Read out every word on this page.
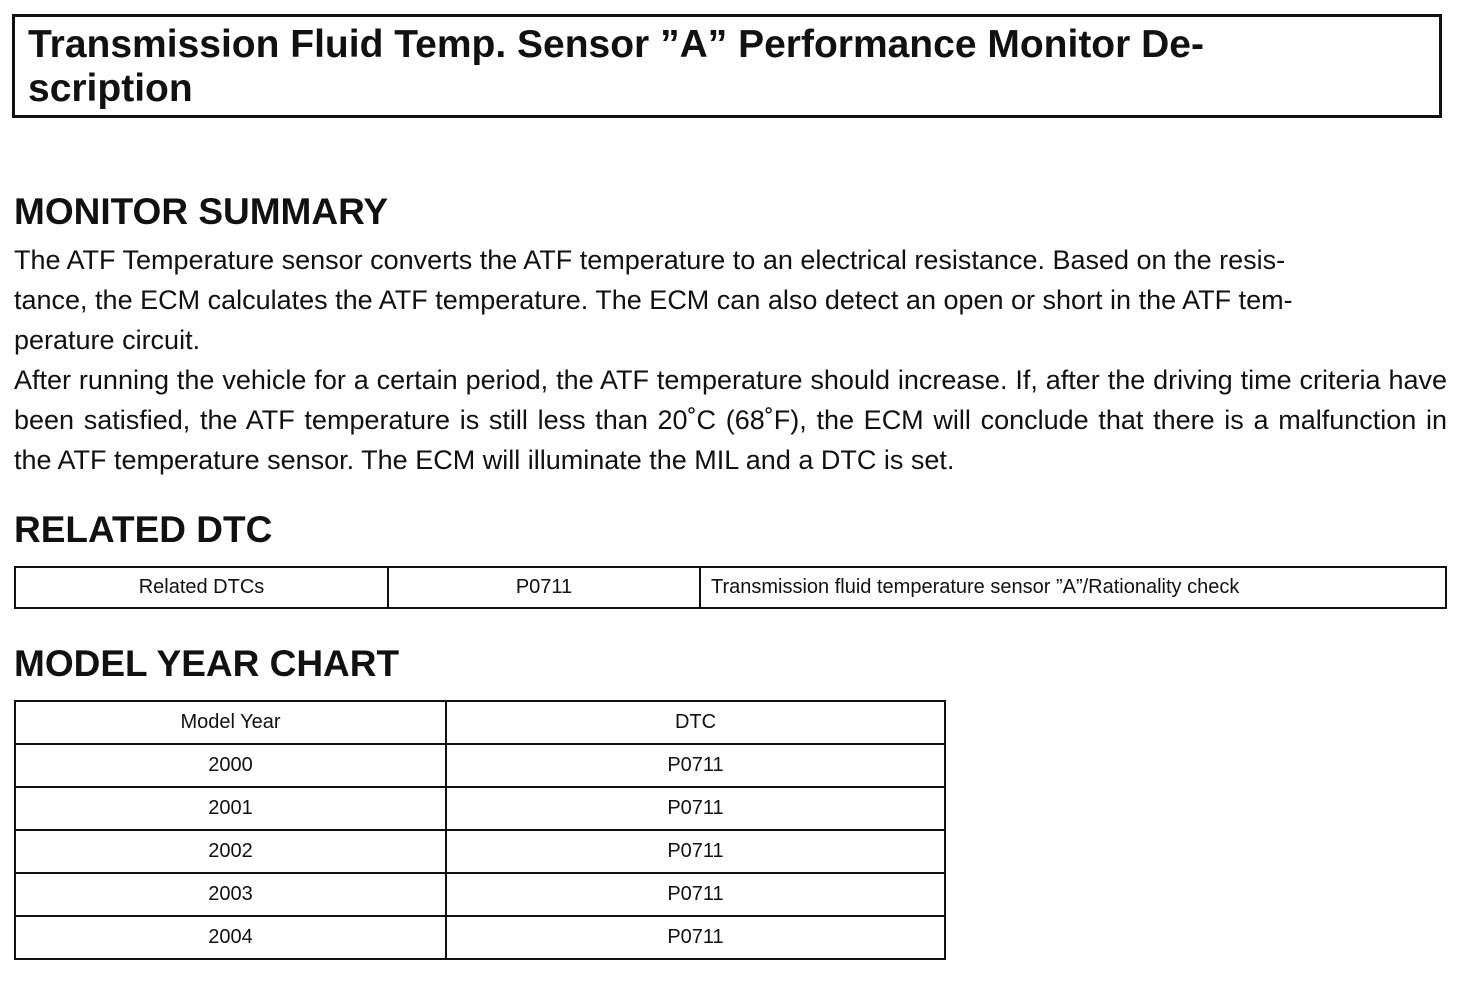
Transmission Fluid Temp. Sensor ”A” Performance Monitor De-
scription
MONITOR SUMMARY

The ATF Temperature sensor converts the ATF temperature to an electrical resistance. Based on the resis-
tance, the ECM calculates the ATF temperature. The ECM can also detect an open or short in the ATF tem-
perature circuit.

After running the vehicle for a certain period, the ATF temperature should increase. If, after the driving time criteria have been satisfied, the ATF temperature is still less than 20˚C (68˚F), the ECM will conclude that there is a malfunction in the ATF temperature sensor. The ECM will illuminate the MIL and a DTC is set.

RELATED DTC
Related DTCs	P0711	Transmission fluid temperature sensor ”A”/Rationality check
MODEL YEAR CHART
Model Year	DTC
2000	P0711
2001	P0711
2002	P0711
2003	P0711
2004	P0711
